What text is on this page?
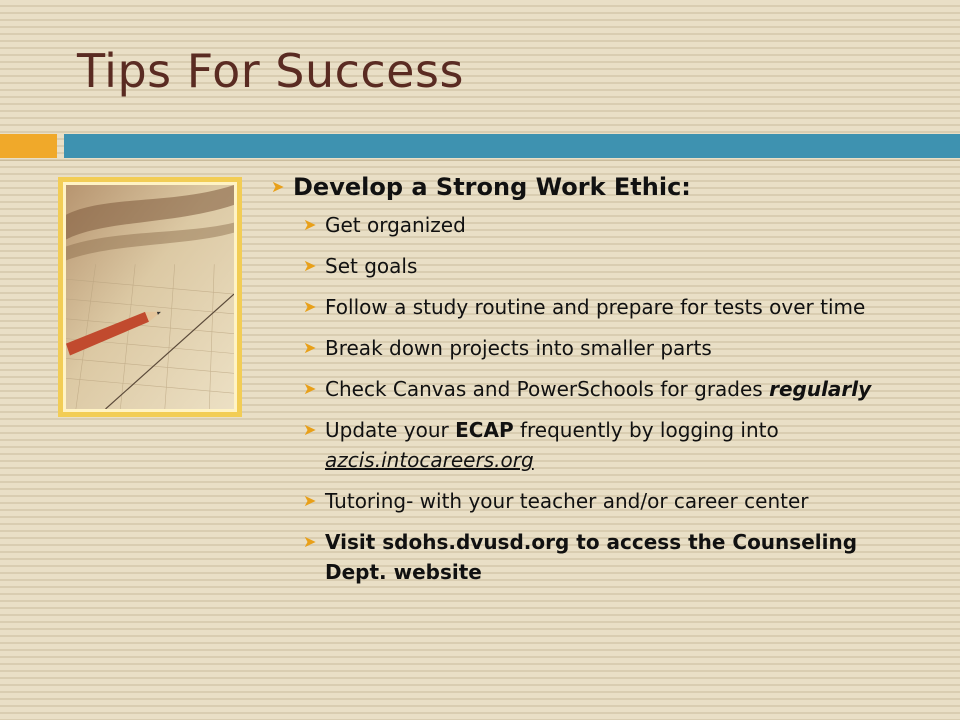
Tips For Success
➤ Develop a Strong Work Ethic:
➤ Get organized
➤ Set goals
➤ Follow a study routine and prepare for tests over time
➤ Break down projects into smaller parts
➤ Check Canvas and PowerSchools for grades regularly
➤ Update your ECAP frequently by logging into azcis.intocareers.org
➤ Tutoring- with your teacher and/or career center
➤ Visit sdohs.dvusd.org to access the Counseling Dept. website
